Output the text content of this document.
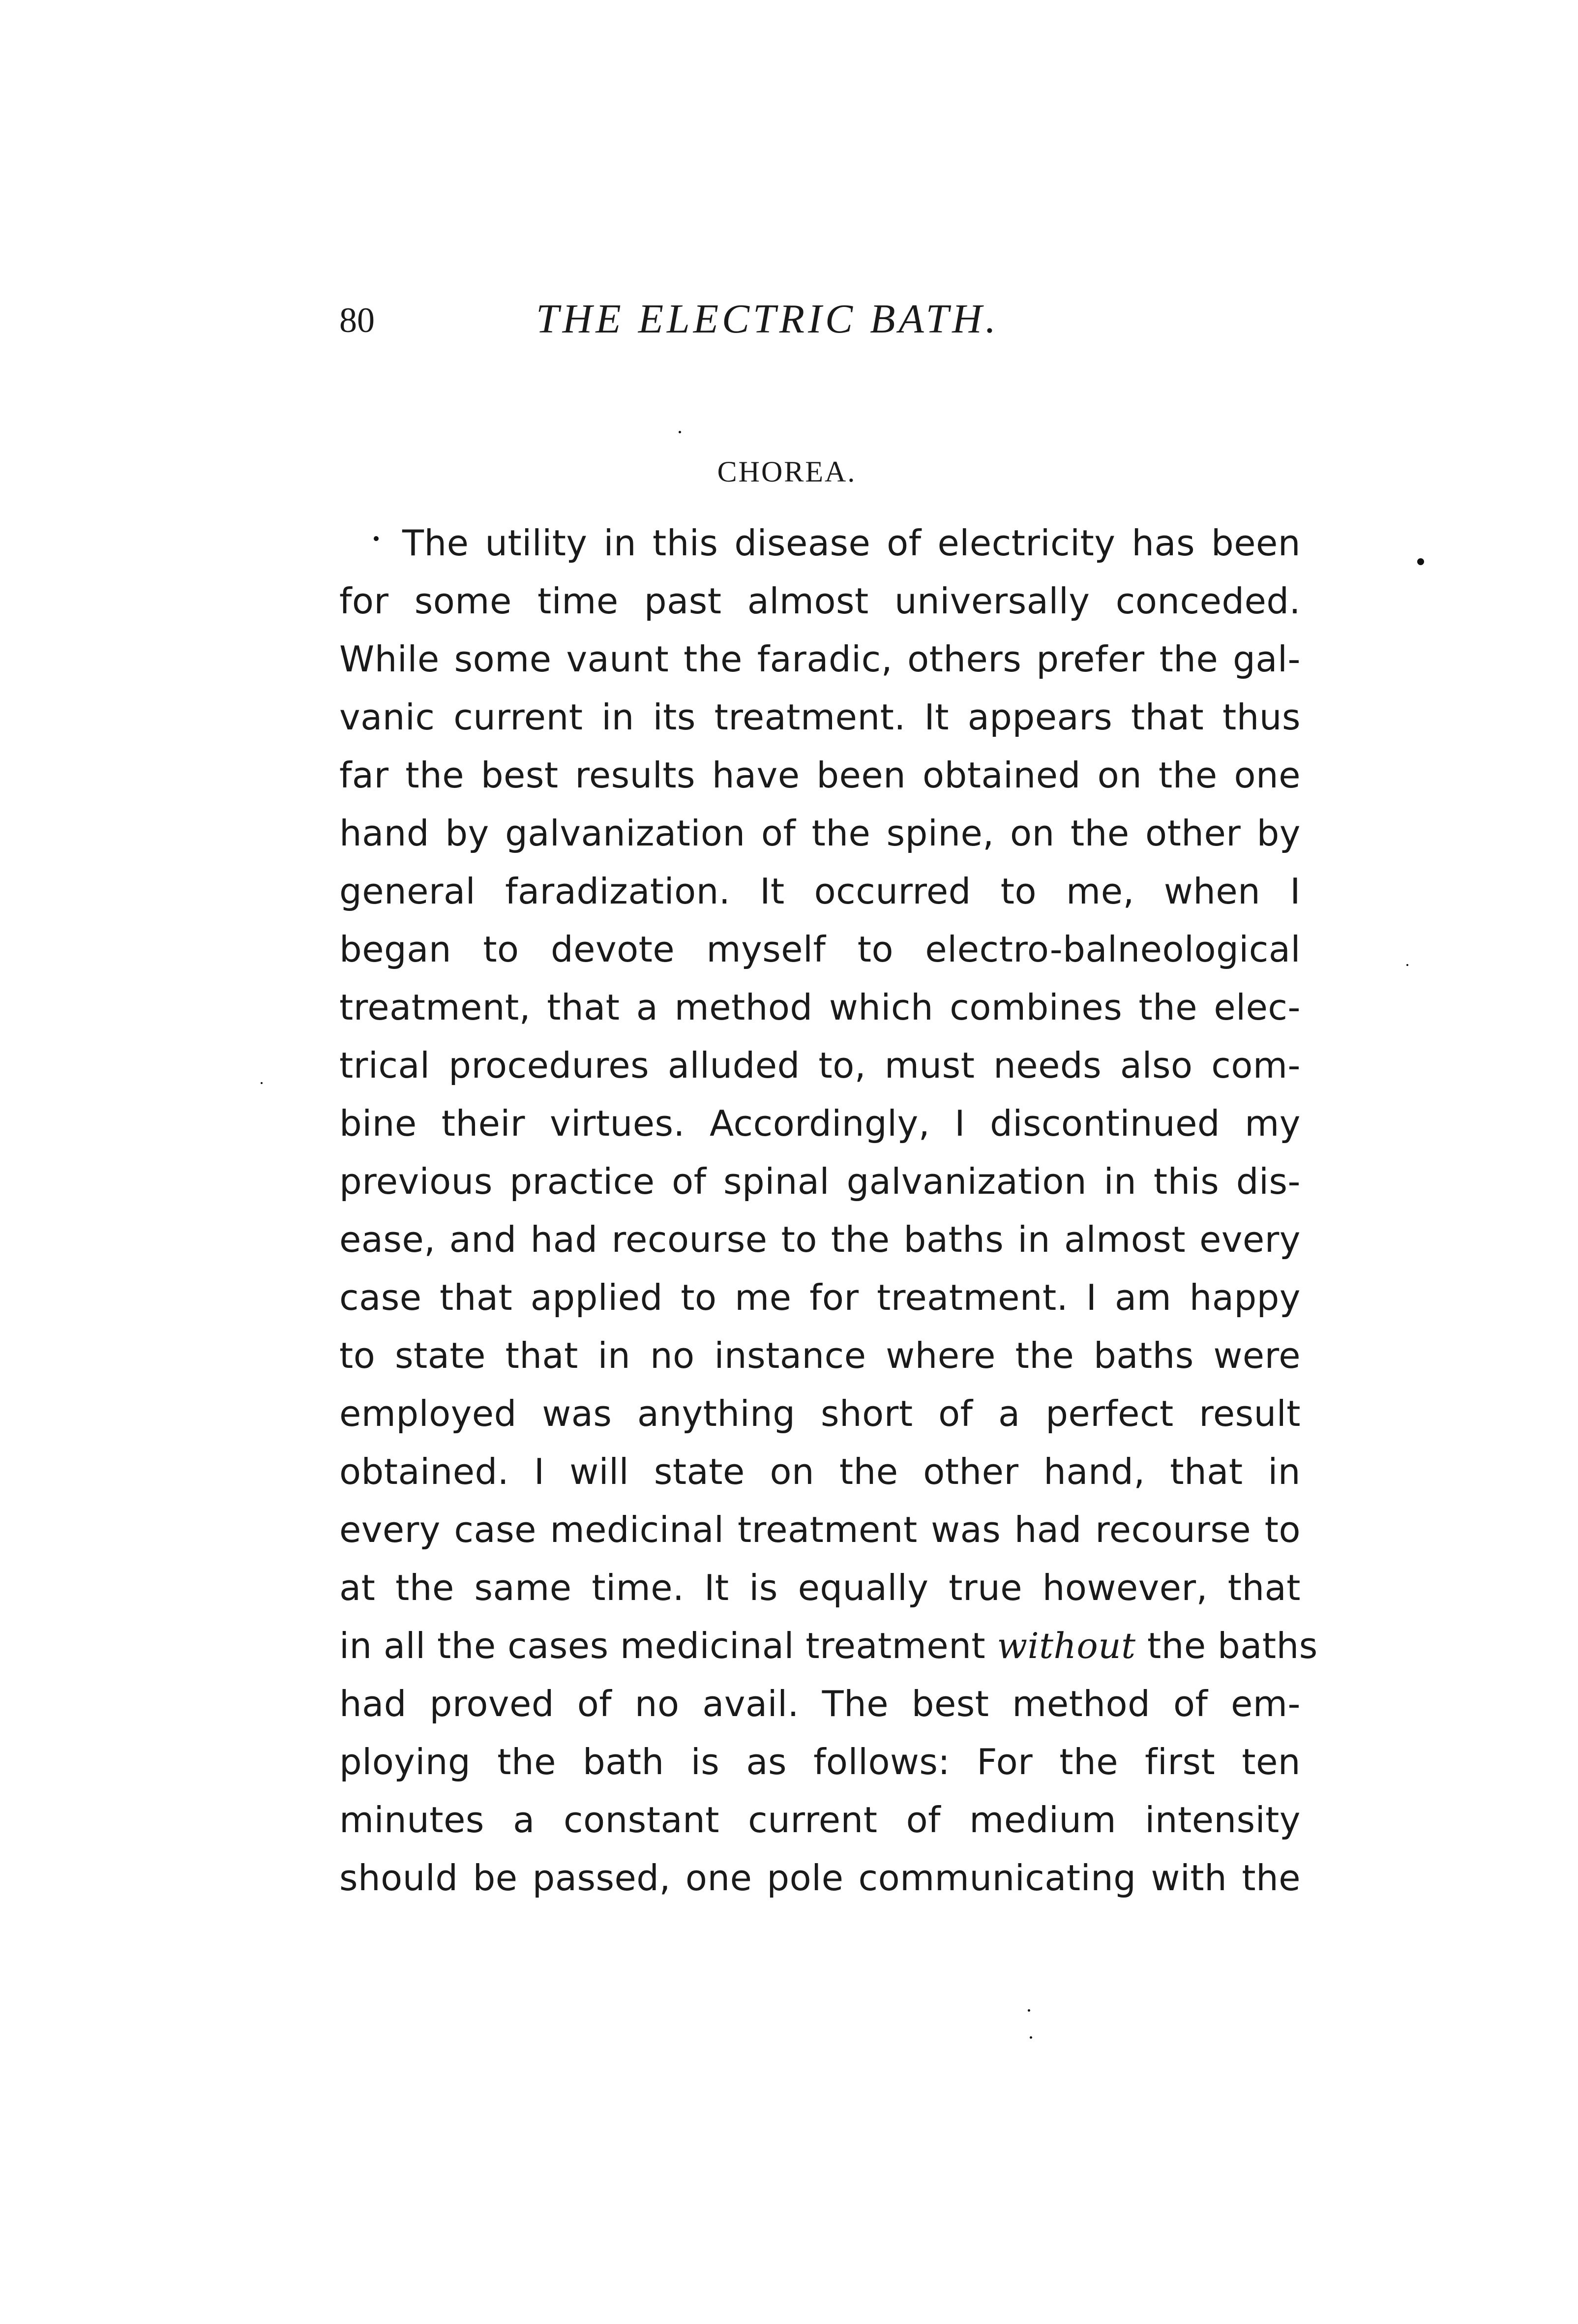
80	THE ELECTRIC BATH.
CHOREA.
The utility in this disease of electricity has been
for some time past almost universally conceded.
While some vaunt the faradic, others prefer the gal-
vanic current in its treatment. It appears that thus
far the best results have been obtained on the one
hand by galvanization of the spine, on the other by
general faradization. It occurred to me, when I
began to devote myself to electro-balneological
treatment, that a method which combines the elec-
trical procedures alluded to, must needs also com-
bine their virtues. Accordingly, I discontinued my
previous practice of spinal galvanization in this dis-
ease, and had recourse to the baths in almost every
case that applied to me for treatment. I am happy
to state that in no instance where the baths were
employed was anything short of a perfect result
obtained. I will state on the other hand, that in
every case medicinal treatment was had recourse to
at the same time. It is equally true however, that
in all the cases medicinal treatment without the baths
had proved of no avail. The best method of em-
ploying the bath is as follows: For the first ten
minutes a constant current of medium intensity
should be passed, one pole communicating with the
